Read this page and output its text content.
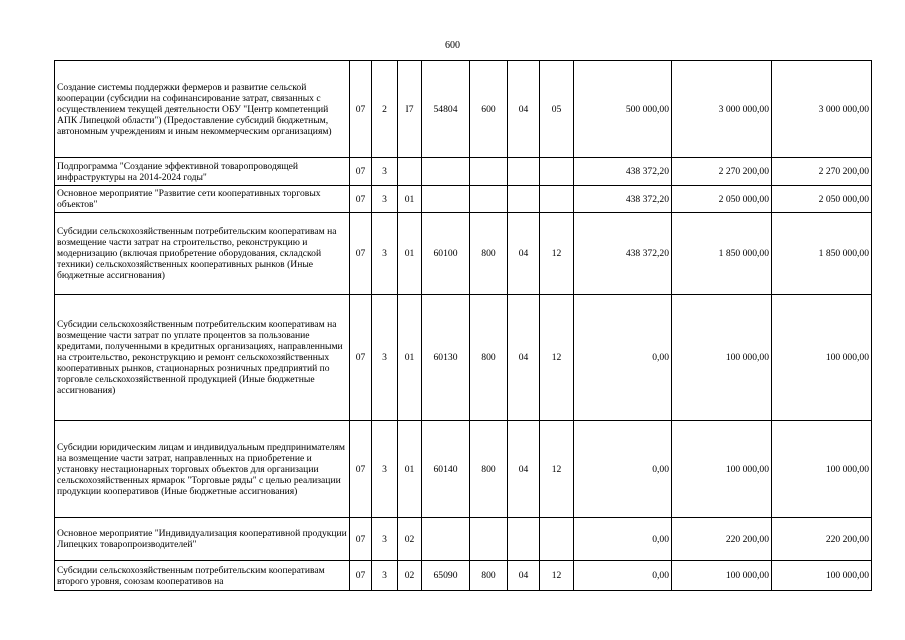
600
Создание системы поддержки фермеров и развитие сельской кооперации (субсидии на софинансирование затрат, связанных с осуществлением текущей деятельности ОБУ "Центр компетенций АПК Липецкой области") (Предоставление субсидий бюджетным, автономным учреждениям и иным некоммерческим организациям)	07	2	I7	54804	600	04	05	500 000,00	3 000 000,00	3 000 000,00
Подпрограмма "Создание эффективной товаропроводящей инфраструктуры на 2014-2024 годы"	07	3						438 372,20	2 270 200,00	2 270 200,00
Основное мероприятие "Развитие сети кооперативных торговых объектов"	07	3	01					438 372,20	2 050 000,00	2 050 000,00
Субсидии сельскохозяйственным потребительским кооперативам на возмещение части затрат на строительство, реконструкцию и модернизацию (включая приобретение оборудования, складской техники) сельскохозяйственных кооперативных рынков (Иные бюджетные ассигнования)	07	3	01	60100	800	04	12	438 372,20	1 850 000,00	1 850 000,00
Субсидии сельскохозяйственным потребительским кооперативам на возмещение части затрат по уплате процентов за пользование кредитами, полученными в кредитных организациях, направленными на строительство, реконструкцию и ремонт сельскохозяйственных кооперативных рынков, стационарных розничных предприятий по торговле сельскохозяйственной продукцией (Иные бюджетные ассигнования)	07	3	01	60130	800	04	12	0,00	100 000,00	100 000,00
Субсидии юридическим лицам и индивидуальным предпринимателям на возмещение части затрат, направленных на приобретение и установку нестационарных торговых объектов для организации сельскохозяйственных ярмарок "Торговые ряды" с целью реализации продукции кооперативов (Иные бюджетные ассигнования)	07	3	01	60140	800	04	12	0,00	100 000,00	100 000,00
Основное мероприятие "Индивидуализация кооперативной продукции Липецких товаропроизводителей"	07	3	02					0,00	220 200,00	220 200,00
Субсидии сельскохозяйственным потребительским кооперативам второго уровня, союзам кооперативов на	07	3	02	65090	800	04	12	0,00	100 000,00	100 000,00
